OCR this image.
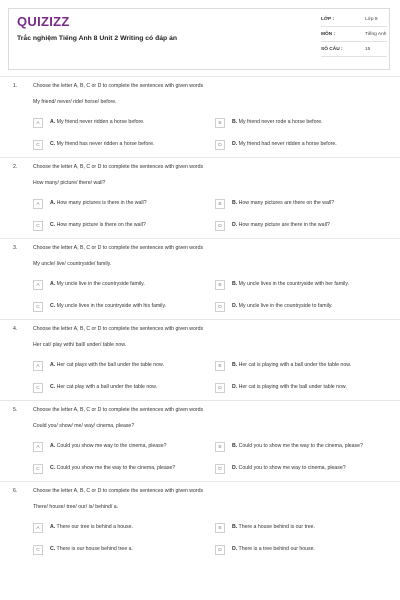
QUIZIZZ
Trắc nghiệm Tiếng Anh 8 Unit 2 Writing có đáp án
LỚP :	Lớp 8
MÔN :	Tiếng Anh
SỐ CÂU :	15
1.	Choose the letter A, B, C or D to complete the sentences with given words
My friend/ never/ ride/ horse/ before.
A	A. My friend never ridden a horse before.	B	B. My friend never rode a horse before.
C	C. My friend has never ridden a horse before.	D	D. My friend had never ridden a horse before.
2.	Choose the letter A, B, C or D to complete the sentences with given words
How many/ picture/ there/ wall?
A	A. How many pictures is there in the wall?	B	B. How many pictures are there on the wall?
C	C. How many picture is there on the wall?	D	D. How many picture are there in the wall?
3.	Choose the letter A, B, C or D to complete the sentences with given words
My uncle/ live/ countryside/ family.
A	A. My uncle live in the countryside family.	B	B. My uncle lives in the countryside with her family.
C	C. My uncle lives in the countryside with his family.	D	D. My uncle live in the countryside to family.
4.	Choose the letter A, B, C or D to complete the sentences with given words
Her cat/ play with/ ball/ under/ table now.
A	A. Her cat plays with the ball under the table now.	B	B. Her cat is playing with a ball under the table now.
C	C. Her cat play with a ball under the table now.	D	D. Her cat is playing with the ball under table now.
5.	Choose the letter A, B, C or D to complete the sentences with given words
Could you/ show/ me/ way/ cinema, please?
A	A. Could you show me way to the cinema, please?	B	B. Could you to show me the way to the cinema, please?
C	C. Could you show me the way to the cinema, please?	D	D. Could you to show me way to cinema, please?
6.	Choose the letter A, B, C or D to complete the sentences with given words
There/ house/ tree/ our/ is/ behind/ a.
A	A. There our tree is behind a house.	B	B. There a house behind is our tree.
C	C. There is our house behind tree a.	D	D. There is a tree behind our house.
